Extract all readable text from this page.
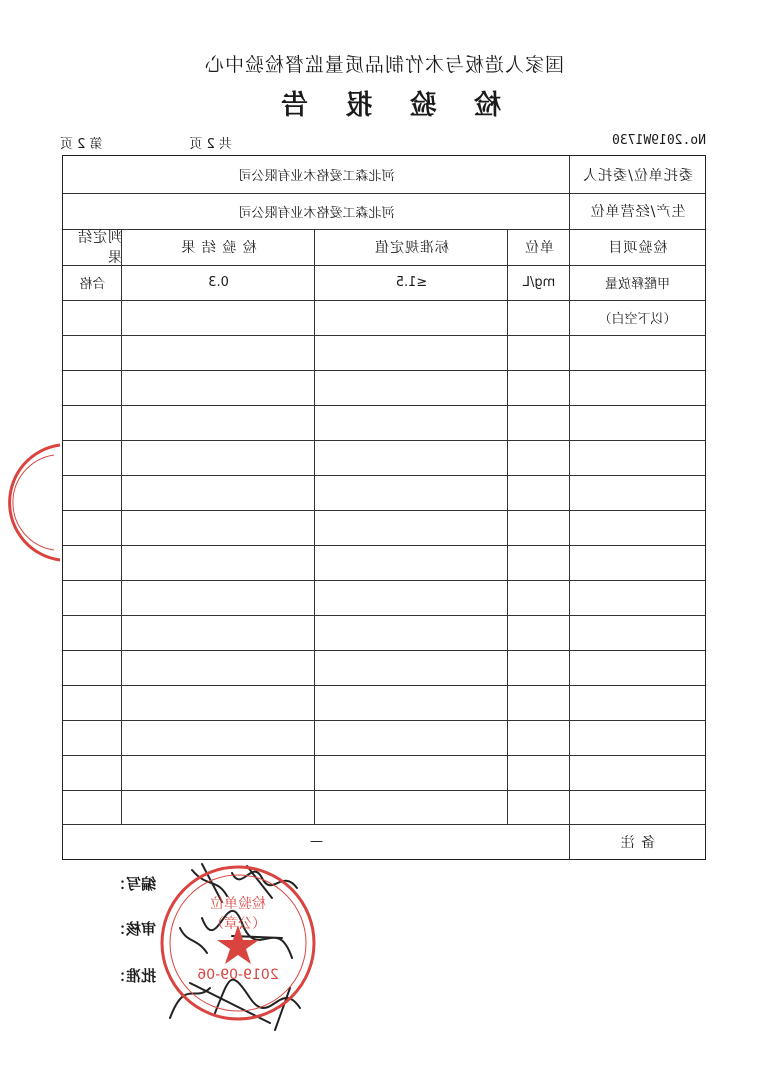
国家人造板与木竹制品质量监督检验中心
检 验 报 告
No.2019W1730
共 2 页
第 2 页
委托单位/委托人
河北森工爱格木业有限公司
生产/经营单位
河北森工爱格木业有限公司
检验项目
单位
标准规定值
检 验 结 果
判定结果
甲醛释放量
mg/L
≤1.5
0.3
合格
（以下空白）
备 注
—
编写：
审核：
批准：
检验单位
（公章）
2019-09-06
